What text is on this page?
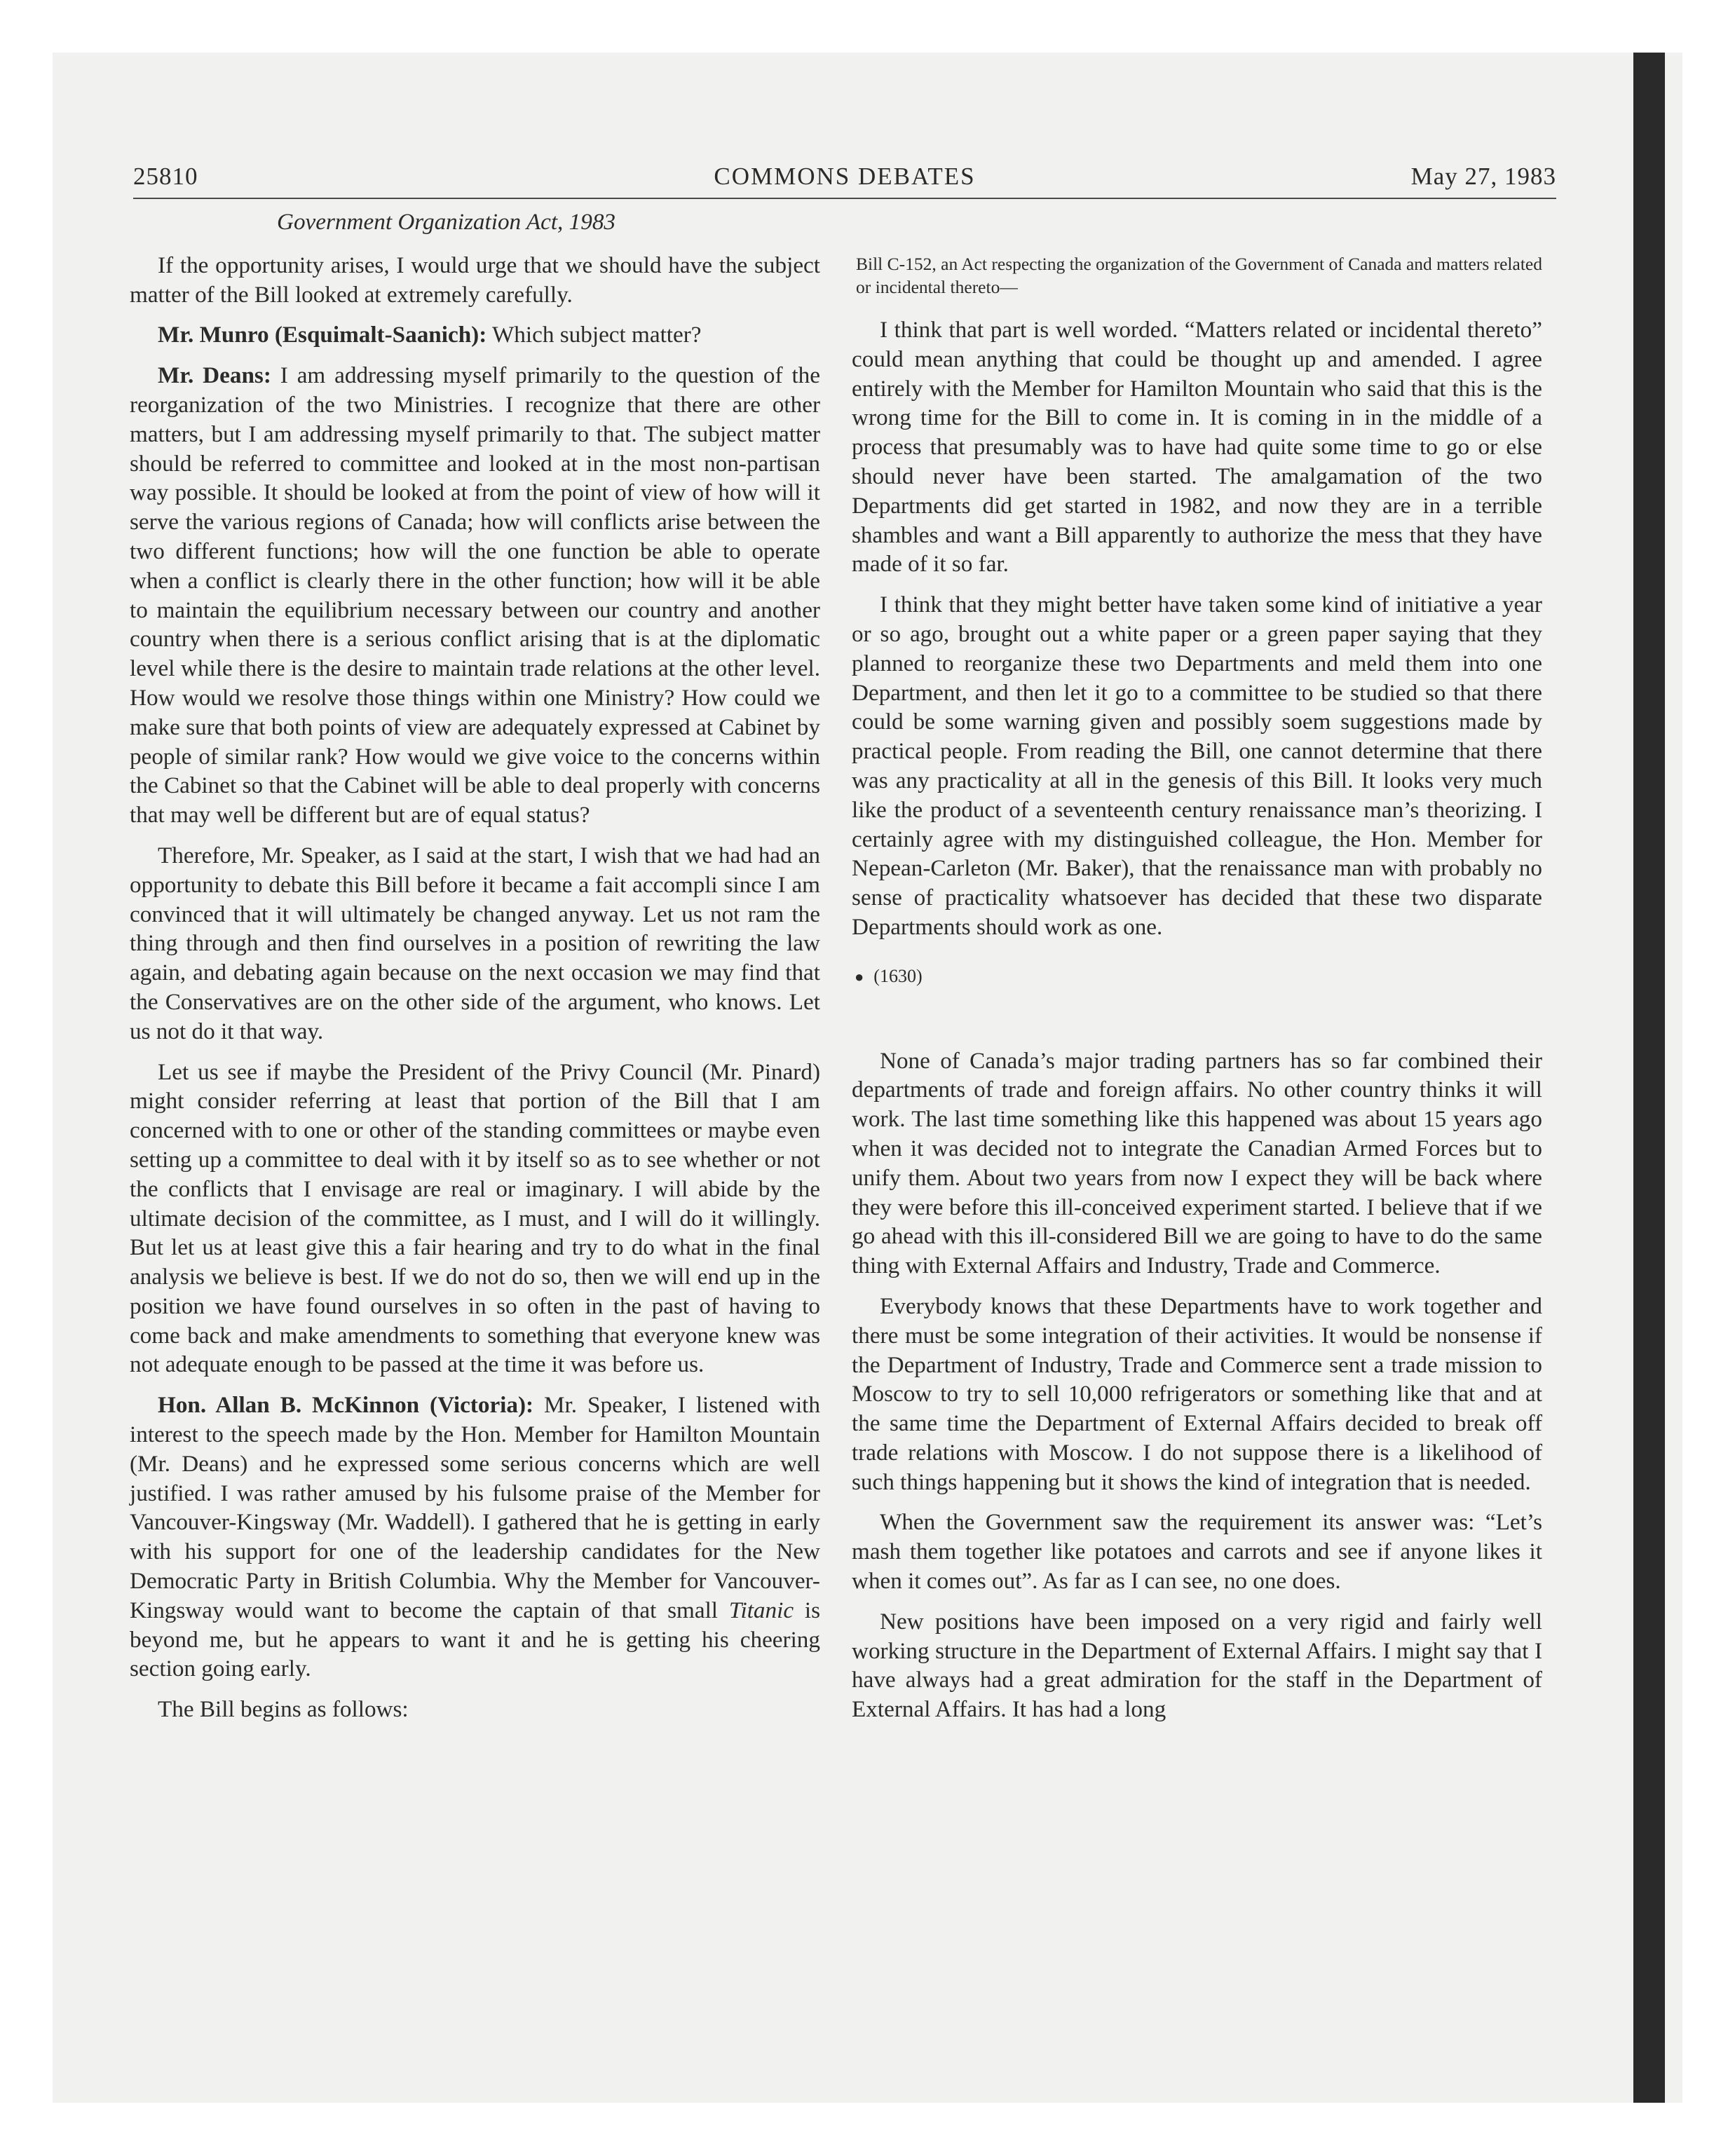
25810	COMMONS DEBATES	May 27, 1983
Government Organization Act, 1983

If the opportunity arises, I would urge that we should have the subject matter of the Bill looked at extremely carefully.

Mr. Munro (Esquimalt-Saanich): Which subject matter?

Mr. Deans: I am addressing myself primarily to the question of the reorganization of the two Ministries. I recognize that there are other matters, but I am addressing myself primarily to that. The subject matter should be referred to committee and looked at in the most non-partisan way possible. It should be looked at from the point of view of how will it serve the various regions of Canada; how will conflicts arise between the two different functions; how will the one function be able to operate when a conflict is clearly there in the other function; how will it be able to maintain the equilibrium necessary between our country and another country when there is a serious conflict arising that is at the diplomatic level while there is the desire to maintain trade relations at the other level. How would we resolve those things within one Ministry? How could we make sure that both points of view are adequately expressed at Cabinet by people of similar rank? How would we give voice to the concerns within the Cabinet so that the Cabinet will be able to deal properly with concerns that may well be different but are of equal status?

Therefore, Mr. Speaker, as I said at the start, I wish that we had had an opportunity to debate this Bill before it became a fait accompli since I am convinced that it will ultimately be changed anyway. Let us not ram the thing through and then find ourselves in a position of rewriting the law again, and debating again because on the next occasion we may find that the Conservatives are on the other side of the argument, who knows. Let us not do it that way.

Let us see if maybe the President of the Privy Council (Mr. Pinard) might consider referring at least that portion of the Bill that I am concerned with to one or other of the standing committees or maybe even setting up a committee to deal with it by itself so as to see whether or not the conflicts that I envisage are real or imaginary. I will abide by the ultimate decision of the committee, as I must, and I will do it willingly. But let us at least give this a fair hearing and try to do what in the final analysis we believe is best. If we do not do so, then we will end up in the position we have found ourselves in so often in the past of having to come back and make amendments to something that everyone knew was not adequate enough to be passed at the time it was before us.

Hon. Allan B. McKinnon (Victoria): Mr. Speaker, I listened with interest to the speech made by the Hon. Member for Hamilton Mountain (Mr. Deans) and he expressed some serious concerns which are well justified. I was rather amused by his fulsome praise of the Member for Vancouver-Kingsway (Mr. Waddell). I gathered that he is getting in early with his support for one of the leadership candidates for the New Democratic Party in British Columbia. Why the Member for Vancouver-Kingsway would want to become the captain of that small Titanic is beyond me, but he appears to want it and he is getting his cheering section going early.

The Bill begins as follows:

Bill C-152, an Act respecting the organization of the Government of Canada and matters related or incidental thereto—

I think that part is well worded. “Matters related or incidental thereto” could mean anything that could be thought up and amended. I agree entirely with the Member for Hamilton Mountain who said that this is the wrong time for the Bill to come in. It is coming in in the middle of a process that presumably was to have had quite some time to go or else should never have been started. The amalgamation of the two Departments did get started in 1982, and now they are in a terrible shambles and want a Bill apparently to authorize the mess that they have made of it so far.

I think that they might better have taken some kind of initiative a year or so ago, brought out a white paper or a green paper saying that they planned to reorganize these two Departments and meld them into one Department, and then let it go to a committee to be studied so that there could be some warning given and possibly soem suggestions made by practical people. From reading the Bill, one cannot determine that there was any practicality at all in the genesis of this Bill. It looks very much like the product of a seventeenth century renaissance man’s theorizing. I certainly agree with my distinguished colleague, the Hon. Member for Nepean-Carleton (Mr. Baker), that the renaissance man with probably no sense of practicality whatsoever has decided that these two disparate Departments should work as one.

● (1630)

None of Canada’s major trading partners has so far combined their departments of trade and foreign affairs. No other country thinks it will work. The last time something like this happened was about 15 years ago when it was decided not to integrate the Canadian Armed Forces but to unify them. About two years from now I expect they will be back where they were before this ill-conceived experiment started. I believe that if we go ahead with this ill-considered Bill we are going to have to do the same thing with External Affairs and Industry, Trade and Commerce.

Everybody knows that these Departments have to work together and there must be some integration of their activities. It would be nonsense if the Department of Industry, Trade and Commerce sent a trade mission to Moscow to try to sell 10,000 refrigerators or something like that and at the same time the Department of External Affairs decided to break off trade relations with Moscow. I do not suppose there is a likelihood of such things happening but it shows the kind of integration that is needed.

When the Government saw the requirement its answer was: “Let’s mash them together like potatoes and carrots and see if anyone likes it when it comes out”. As far as I can see, no one does.

New positions have been imposed on a very rigid and fairly well working structure in the Department of External Affairs. I might say that I have always had a great admiration for the staff in the Department of External Affairs. It has had a long
